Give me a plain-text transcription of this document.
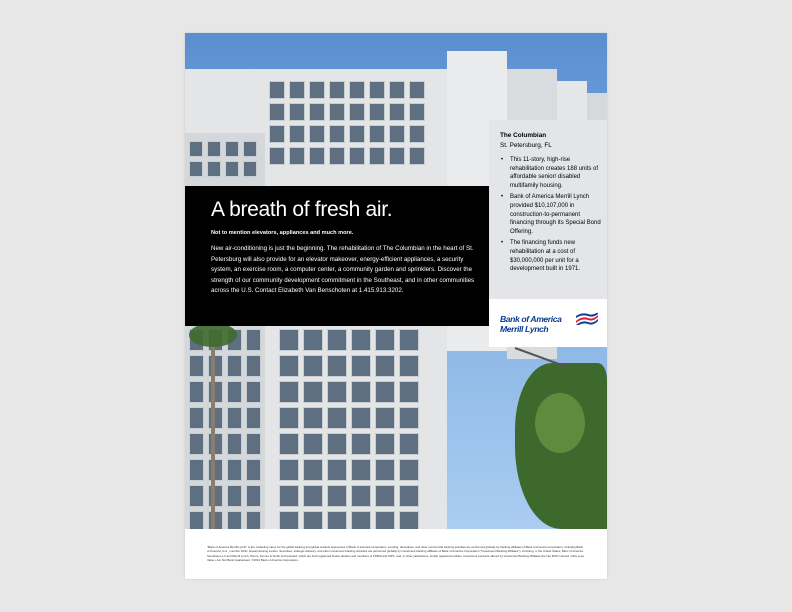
A breath of fresh air.
Not to mention elevators, appliances and much more.
New air-conditioning is just the beginning. The rehabilitation of The Columbian in the heart of St. Petersburg will also provide for an elevator makeover, energy-efficient appliances, a security system, an exercise room, a computer center, a community garden and sprinklers. Discover the strength of our community development commitment in the Southeast, and in other communities across the U.S. Contact Elizabeth Van Benschoten at 1.415.913.3202.
The Columbian
St. Petersburg, FL
• This 11-story, high-rise rehabilitation creates 188 units of affordable senior/ disabled multifamily housing.
• Bank of America Merrill Lynch provided $10,107,000 in construction-to-permanent financing through its Special Bond Offering.
• The financing funds new rehabilitation at a cost of $30,000,000 per unit for a development built in 1971.
Bank of America
Merrill Lynch
"Bank of America Merrill Lynch" is the marketing name for the global banking and global markets businesses of Bank of America Corporation. Lending, derivatives, and other commercial banking activities are performed globally by banking affiliates of Bank of America Corporation, including Bank of America, N.A., member FDIC. Equal Housing Lender. Securities, strategic advisory, and other investment banking activities are performed globally by investment banking affiliates of Bank of America Corporation ("Investment Banking Affiliates"), including, in the United States, Banc of America Securities LLC and Merrill Lynch, Pierce, Fenner & Smith Incorporated, which are both registered broker-dealers and members of FINRA and SIPC, and, in other jurisdictions, locally registered entities. Investment products offered by Investment Banking Affiliates Are Not FDIC Insured • May Lose Value • Are Not Bank Guaranteed. ©2010 Bank of America Corporation.
